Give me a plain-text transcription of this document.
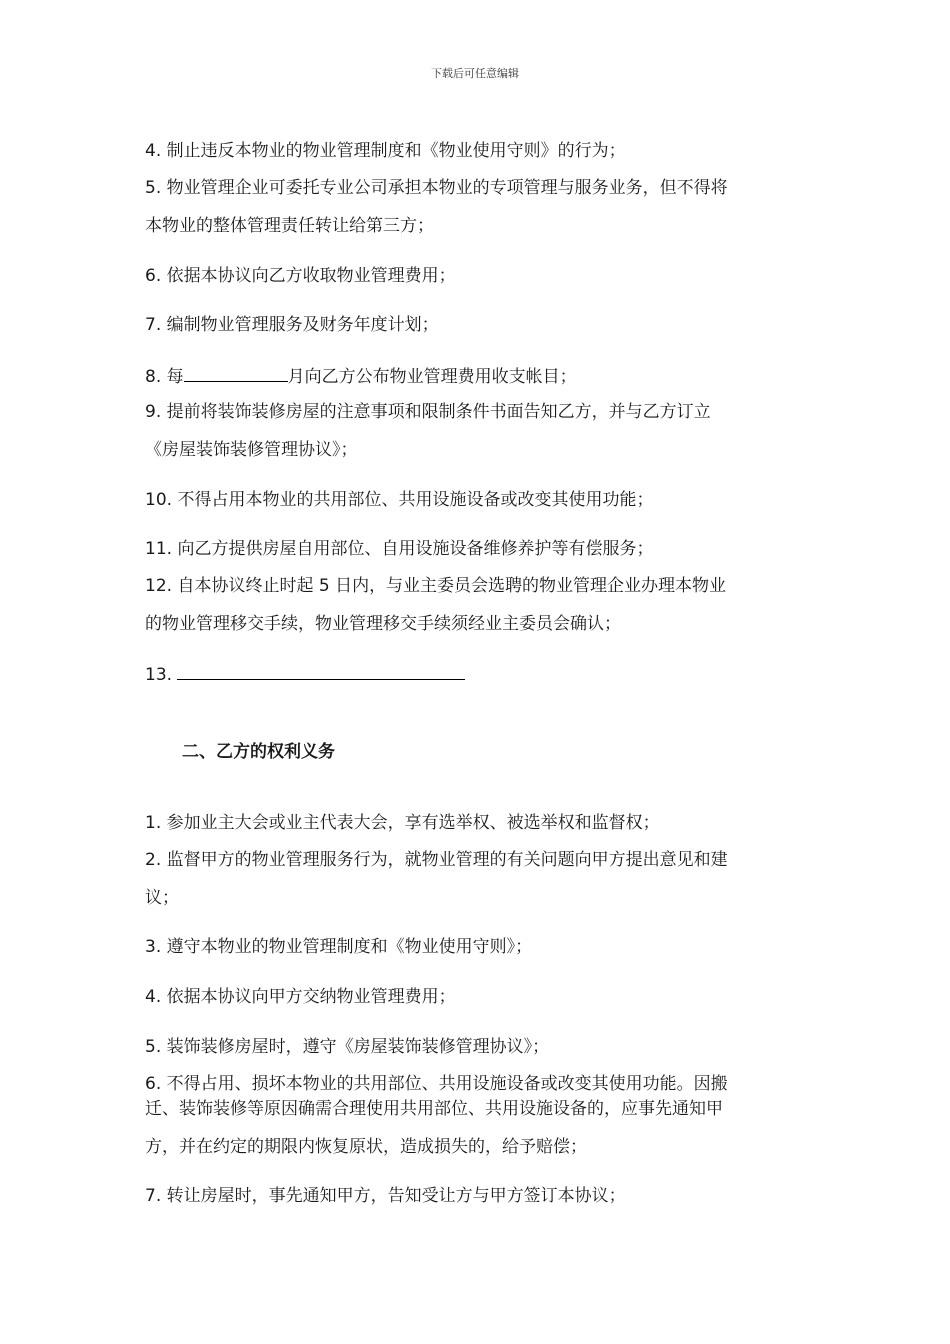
下载后可任意编辑
4. 制止违反本物业的物业管理制度和《物业使用守则》的行为；
5. 物业管理企业可委托专业公司承担本物业的专项管理与服务业务，但不得将
本物业的整体管理责任转让给第三方；
6. 依据本协议向乙方收取物业管理费用；
7. 编制物业管理服务及财务年度计划；
8. 每	月向乙方公布物业管理费用收支帐目；
9. 提前将装饰装修房屋的注意事项和限制条件书面告知乙方，并与乙方订立
《房屋装饰装修管理协议》；
10. 不得占用本物业的共用部位、共用设施设备或改变其使用功能；
11. 向乙方提供房屋自用部位、自用设施设备维修养护等有偿服务；
12. 自本协议终止时起 5 日内，与业主委员会选聘的物业管理企业办理本物业
的物业管理移交手续，物业管理移交手续须经业主委员会确认；
13.
二、乙方的权利义务
1. 参加业主大会或业主代表大会，享有选举权、被选举权和监督权；
2. 监督甲方的物业管理服务行为，就物业管理的有关问题向甲方提出意见和建
议；
3. 遵守本物业的物业管理制度和《物业使用守则》；
4. 依据本协议向甲方交纳物业管理费用；
5. 装饰装修房屋时，遵守《房屋装饰装修管理协议》；
6. 不得占用、损坏本物业的共用部位、共用设施设备或改变其使用功能。因搬
迁、装饰装修等原因确需合理使用共用部位、共用设施设备的，应事先通知甲
方，并在约定的期限内恢复原状，造成损失的，给予赔偿；
7. 转让房屋时，事先通知甲方，告知受让方与甲方签订本协议；
